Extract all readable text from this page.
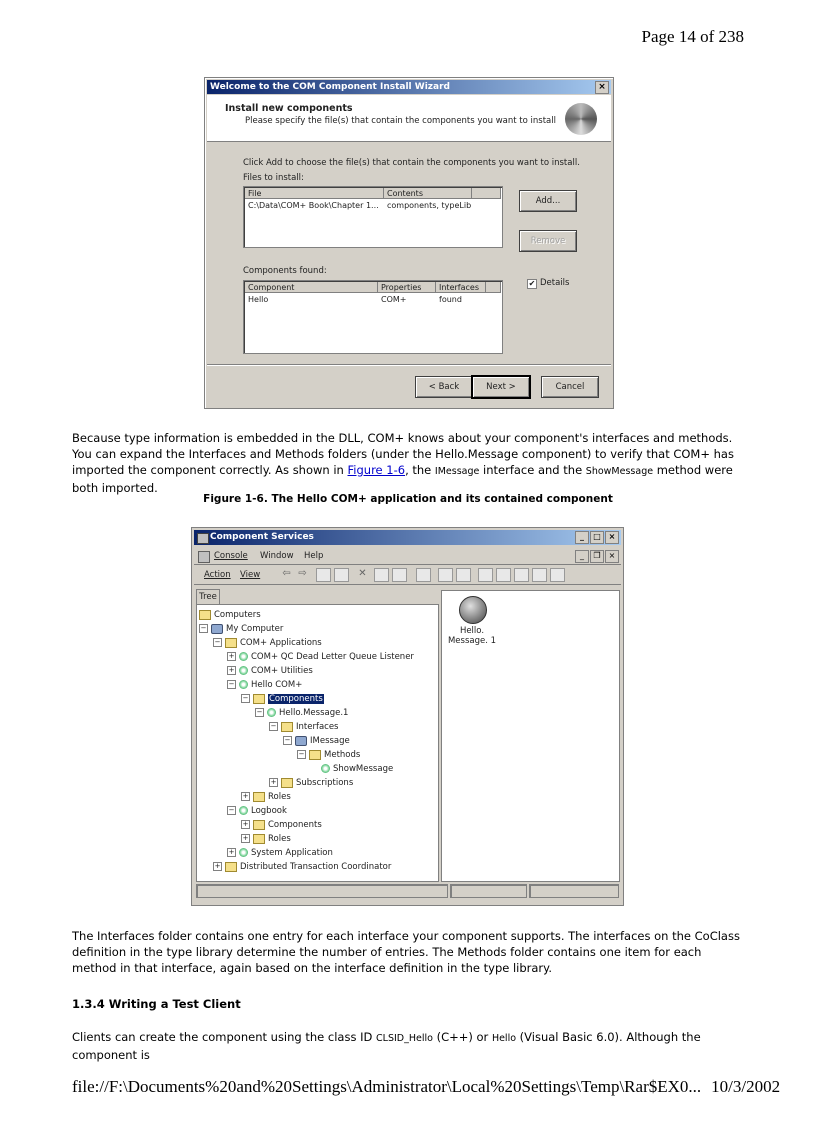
Page 14 of 238
Welcome to the COM Component Install Wizard	×
Install new components
Please specify the file(s) that contain the components you want to install
Click Add to choose the file(s) that contain the components you want to install.
Files to install:
File	Contents
C:\Data\COM+ Book\Chapter 1...	components, typeLib	Add...
Remove
Components found:
Component	Properties	Interfaces
Hello	COM+	found
✔ Details
< Back	Next >	Cancel
Because type information is embedded in the DLL, COM+ knows about your component's interfaces and methods. You can expand the Interfaces and Methods folders (under the Hello.Message component) to verify that COM+ has imported the component correctly. As shown in Figure 1-6, the IMessage interface and the ShowMessage method were both imported.
Figure 1-6. The Hello COM+ application and its contained component
Component Services	_	□ ×
Console Window Help	_	❐	×
Action View ⇦ ⇨	✕
Tree
Computers
− My Computer
− COM+ Applications
+ COM+ QC Dead Letter Queue Listener
+ COM+ Utilities
− Hello COM+
− Components
− Hello.Message.1
− Interfaces
− IMessage
− Methods
ShowMessage
+ Subscriptions
+ Roles
− Logbook
+ Components
+ Roles
+ System Application
+ Distributed Transaction Coordinator
Hello.
Message. 1
The Interfaces folder contains one entry for each interface your component supports. The interfaces on the CoClass definition in the type library determine the number of entries. The Methods folder contains one item for each method in that interface, again based on the interface definition in the type library.
1.3.4 Writing a Test Client
Clients can create the component using the class ID CLSID_Hello (C++) or Hello (Visual Basic 6.0). Although the component is
file://F:\Documents%20and%20Settings\Administrator\Local%20Settings\Temp\Rar$EX0... 10/3/2002
